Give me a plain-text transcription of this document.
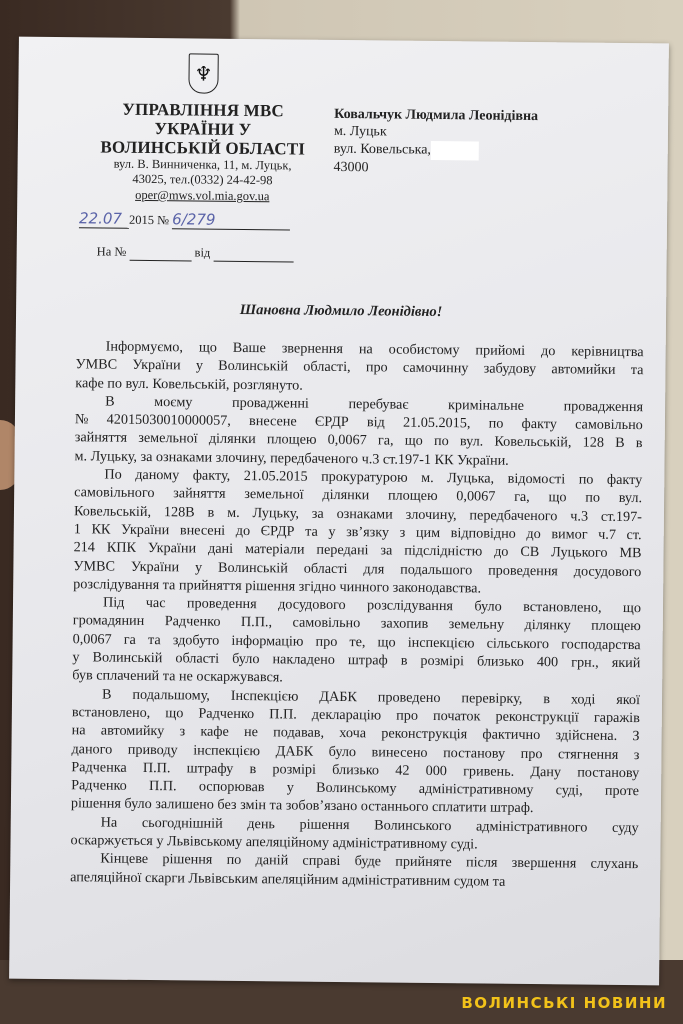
♆
УПРАВЛІННЯ МВС
УКРАЇНИ У
ВОЛИНСЬКІЙ ОБЛАСТІ
вул. В. Винниченка, 11, м. Луцьк,
43025, тел.(0332) 24-42-98
oper@mws.vol.mia.gov.ua
Ковальчук Людмила Леонідівна
м. Луцьк
вул. Ковельська,
43000
22.07 2015 № 6/279
На №	від
Шановна Людмило Леонідівно!
Інформуємо, що Ваше звернення на особистому прийомі до керівництва
УМВС України у Волинській області, про самочинну забудову автомийки та
кафе по вул. Ковельській, розглянуто.
В	моєму	провадженні	перебуває	кримінальне	провадження
№ 42015030010000057, внесене ЄРДР від 21.05.2015, по факту самовільно
зайняття земельної ділянки площею 0,0067 га, що по вул. Ковельській, 128 В в
м. Луцьку, за ознаками злочину, передбаченого ч.3 ст.197-1 КК України.
По даному факту, 21.05.2015 прокуратурою м. Луцька, відомості по факту
самовільного зайняття земельної ділянки площею 0,0067 га, що по вул.
Ковельській, 128В в м. Луцьку, за ознаками злочину, передбаченого ч.3 ст.197-
1 КК України внесені до ЄРДР та у зв’язку з цим відповідно до вимог ч.7 ст.
214 КПК України дані матеріали передані за підслідністю до СВ Луцького МВ
УМВС України у Волинській області для подальшого проведення досудового
розслідування та прийняття рішення згідно чинного законодавства.
Під час проведення досудового розслідування було встановлено, що
громадянин Радченко П.П., самовільно захопив земельну ділянку площею
0,0067 га та здобуто інформацію про те, що інспекцією сільського господарства
у Волинській області було накладено штраф в розмірі близько 400 грн., який
був сплачений та не оскаржувався.
В подальшому, Інспекцією ДАБК проведено перевірку, в ході якої
встановлено, що Радченко П.П. декларацію про початок реконструкції гаражів
на автомийку з кафе не подавав, хоча реконструкція фактично здійснена. З
даного приводу інспекцією ДАБК було винесено постанову про стягнення з
Радченка П.П. штрафу в розмірі близько 42 000 гривень. Дану постанову
Радченко П.П. оспорював у Волинському адміністративному суді, проте
рішення було залишено без змін та зобов’язано останнього сплатити штраф.
На сьогоднішній день рішення Волинського адміністративного суду
оскаржується у Львівському апеляційному адміністративному суді.
Кінцеве рішення по даній справі буде прийняте після звершення слухань
апеляційної скарги Львівським апеляційним адміністративним судом та
ВОЛИНСЬКІ НОВИНИ
